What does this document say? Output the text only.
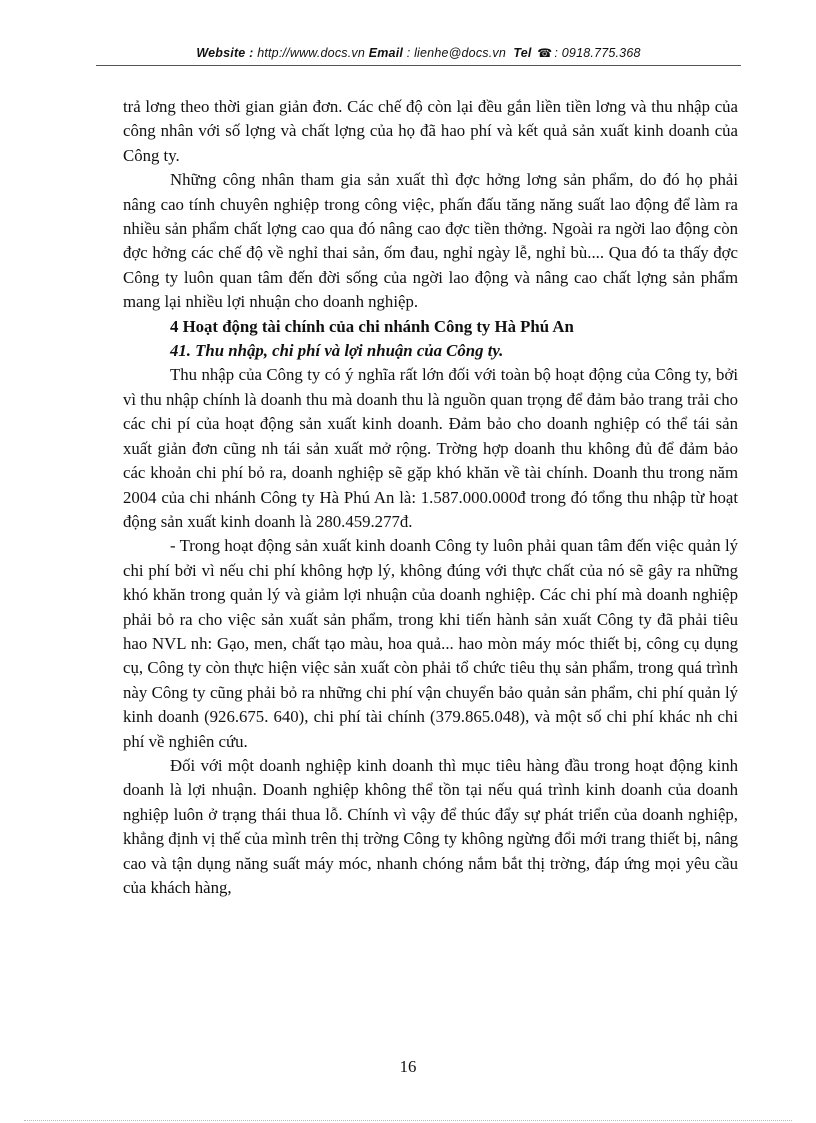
Website : http://www.docs.vn Email : lienhe@docs.vn Tel ☎ : 0918.775.368

trả lơng theo thời gian giản đơn. Các chế độ còn lại đều gắn liền tiền lơng và thu nhập của công nhân với số lợng và chất lợng của họ đã hao phí và kết quả sản xuất kinh doanh của Công ty.

Những công nhân tham gia sản xuất thì đợc hởng lơng sản phẩm, do đó họ phải nâng cao tính chuyên nghiệp trong công việc, phấn đấu tăng năng suất lao động để làm ra nhiều sản phẩm chất lợng cao qua đó nâng cao đợc tiền thởng. Ngoài ra ngời lao động còn đợc hởng các chế độ về nghỉ thai sản, ốm đau, nghỉ ngày lễ, nghỉ bù.... Qua đó ta thấy đợc Công ty luôn quan tâm đến đời sống của ngời lao động và nâng cao chất lợng sản phẩm mang lại nhiều lợi nhuận cho doanh nghiệp.

4 Hoạt động tài chính của chi nhánh Công ty Hà Phú An

41. Thu nhập, chi phí và lợi nhuận của Công ty.

Thu nhập của Công ty có ý nghĩa rất lớn đối với toàn bộ hoạt động của Công ty, bởi vì thu nhập chính là doanh thu mà doanh thu là nguồn quan trọng để đảm bảo trang trải cho các chi pí của hoạt động sản xuất kinh doanh. Đảm bảo cho doanh nghiệp có thể tái sản xuất giản đơn cũng nh tái sản xuất mở rộng. Trờng hợp doanh thu không đủ để đảm bảo các khoản chi phí bỏ ra, doanh nghiệp sẽ gặp khó khăn về tài chính. Doanh thu trong năm 2004 của chi nhánh Công ty Hà Phú An là: 1.587.000.000đ trong đó tổng thu nhập từ hoạt động sản xuất kinh doanh là 280.459.277đ.

- Trong hoạt động sản xuất kinh doanh Công ty luôn phải quan tâm đến việc quản lý chi phí bởi vì nếu chi phí không hợp lý, không đúng với thực chất của nó sẽ gây ra những khó khăn trong quản lý và giảm lợi nhuận của doanh nghiệp. Các chi phí mà doanh nghiệp phải bỏ ra cho việc sản xuất sản phẩm, trong khi tiến hành sản xuất Công ty đã phải tiêu hao NVL nh: Gạo, men, chất tạo màu, hoa quả... hao mòn máy móc thiết bị, công cụ dụng cụ, Công ty còn thực hiện việc sản xuất còn phải tổ chức tiêu thụ sản phẩm, trong quá trình này Công ty cũng phải bỏ ra những chi phí vận chuyển bảo quản sản phẩm, chi phí quản lý kinh doanh (926.675. 640), chi phí tài chính (379.865.048), và một số chi phí khác nh chi phí về nghiên cứu.

Đối với một doanh nghiệp kinh doanh thì mục tiêu hàng đầu trong hoạt động kinh doanh là lợi nhuận. Doanh nghiệp không thể tồn tại nếu quá trình kinh doanh của doanh nghiệp luôn ở trạng thái thua lỗ. Chính vì vậy để thúc đẩy sự phát triển của doanh nghiệp, khẳng định vị thế của mình trên thị trờng Công ty không ngừng đổi mới trang thiết bị, nâng cao và tận dụng năng suất máy móc, nhanh chóng nắm bắt thị trờng, đáp ứng mọi yêu cầu của khách hàng,

16
